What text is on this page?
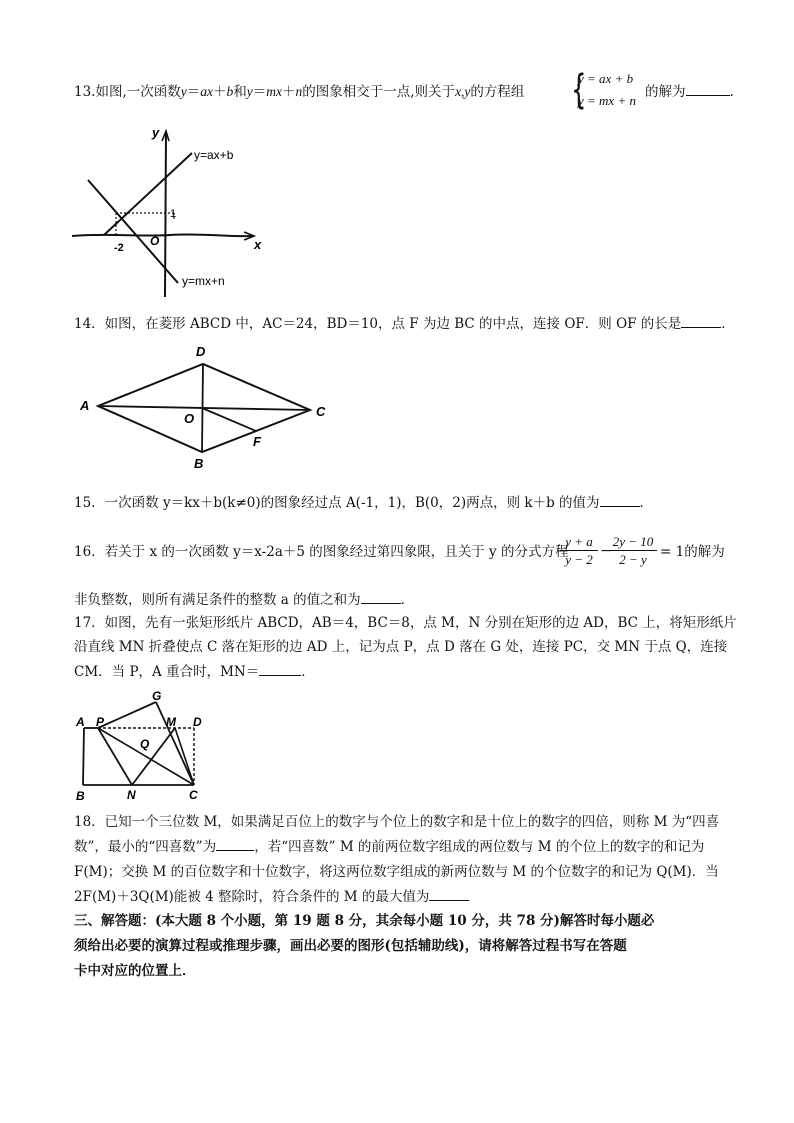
13.如图,一次函数y＝ax＋b和y＝mx＋n的图象相交于一点,则关于x,y的方程组 {
y = ax + b
y = mx + n
的解为	.
y
x
O
-2
1
y=ax+b
y=mx+n
14．如图，在菱形 ABCD 中，AC＝24，BD＝10，点 F 为边 BC 的中点，连接 OF．则 OF 的长是	．
A
D
C
B
O
F
15．一次函数 y＝kx＋b(k≠0)的图象经过点 A(-1，1)，B(0，2)两点，则 k＋b 的值为	．
16．若关于 x 的一次函数 y＝x-2a＋5 的图象经过第四象限，且关于 y 的分式方程
$\frac{y + a}{y - 2}$ −
$\frac{2y - 10}{2 - y} = 1$的解为
非负整数，则所有满足条件的整数 a 的值之和为	．
17．如图，先有一张矩形纸片 ABCD，AB＝4，BC＝8，点 M，N 分别在矩形的边 AD，BC 上，将矩形纸片
沿直线 MN 折叠使点 C 落在矩形的边 AD 上，记为点 P，点 D 落在 G 处，连接 PC，交 MN 于点 Q，连接
CM．当 P，A 重合时，MN＝	．
A P
G
M D
Q
B	N	C
18．已知一个三位数 M，如果满足百位上的数字与个位上的数字和是十位上的数字的四倍，则称 M 为“四喜
数”，最小的“四喜数”为	，若“四喜数” M 的前两位数字组成的两位数与 M 的个位上的数字的和记为
F(M)；交换 M 的百位数字和十位数字，将这两位数字组成的新两位数与 M 的个位数字的和记为 Q(M)．当
2F(M)＋3Q(M)能被 4 整除时，符合条件的 M 的最大值为
三、解答题：(本大题 8 个小题，第 19 题 8 分，其余每小题 10 分，共 78 分)解答时每小题必
须给出必要的演算过程或推理步骤，画出必要的图形(包括辅助线)，请将解答过程书写在答题
卡中对应的位置上．
